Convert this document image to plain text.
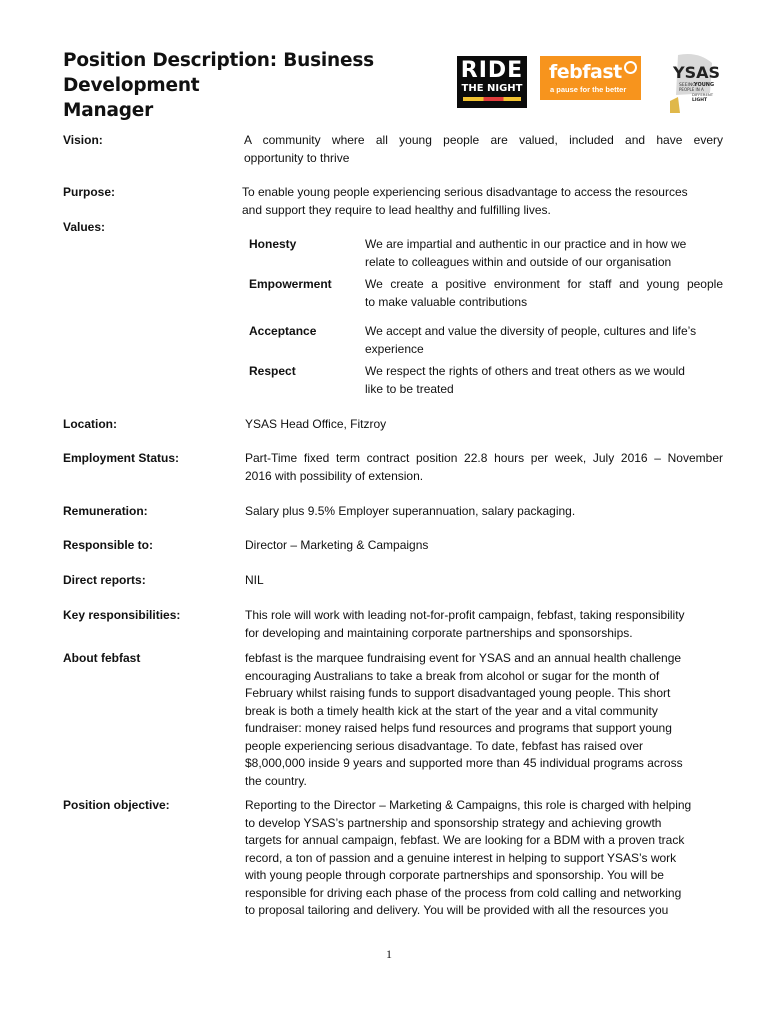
Position Description: Business Development
Manager
RIDE
THE NIGHT
febfast
a pause for the better
YSAS
SEEING
YOUNG
PEOPLE IN A
DIFFERENT
LIGHT
Vision:	A community where all young people are valued, included and have every
opportunity to thrive
Purpose:	To enable young people experiencing serious disadvantage to access the resources
and support they require to lead healthy and fulfilling lives.
Values:
Honesty	We are impartial and authentic in our practice and in how we
relate to colleagues within and outside of our organisation
Empowerment	We create a positive environment for staff and young people
to make valuable contributions
Acceptance	We accept and value the diversity of people, cultures and life’s
experience
Respect	We respect the rights of others and treat others as we would
like to be treated
Location:	YSAS Head Office, Fitzroy
Employment Status:	Part-Time fixed term contract position 22.8 hours per week, July 2016 – November
2016 with possibility of extension.
Remuneration:	Salary plus 9.5% Employer superannuation, salary packaging.
Responsible to:	Director – Marketing & Campaigns
Direct reports:	NIL
Key responsibilities:	This role will work with leading not-for-profit campaign, febfast, taking responsibility
for developing and maintaining corporate partnerships and sponsorships.
About febfast	febfast is the marquee fundraising event for YSAS and an annual health challenge
encouraging Australians to take a break from alcohol or sugar for the month of
February whilst raising funds to support disadvantaged young people. This short
break is both a timely health kick at the start of the year and a vital community
fundraiser: money raised helps fund resources and programs that support young
people experiencing serious disadvantage. To date, febfast has raised over
$8,000,000 inside 9 years and supported more than 45 individual programs across
the country.
Position objective:	Reporting to the Director – Marketing & Campaigns, this role is charged with helping
to develop YSAS’s partnership and sponsorship strategy and achieving growth
targets for annual campaign, febfast. We are looking for a BDM with a proven track
record, a ton of passion and a genuine interest in helping to support YSAS’s work
with young people through corporate partnerships and sponsorship. You will be
responsible for driving each phase of the process from cold calling and networking
to proposal tailoring and delivery. You will be provided with all the resources you
1
